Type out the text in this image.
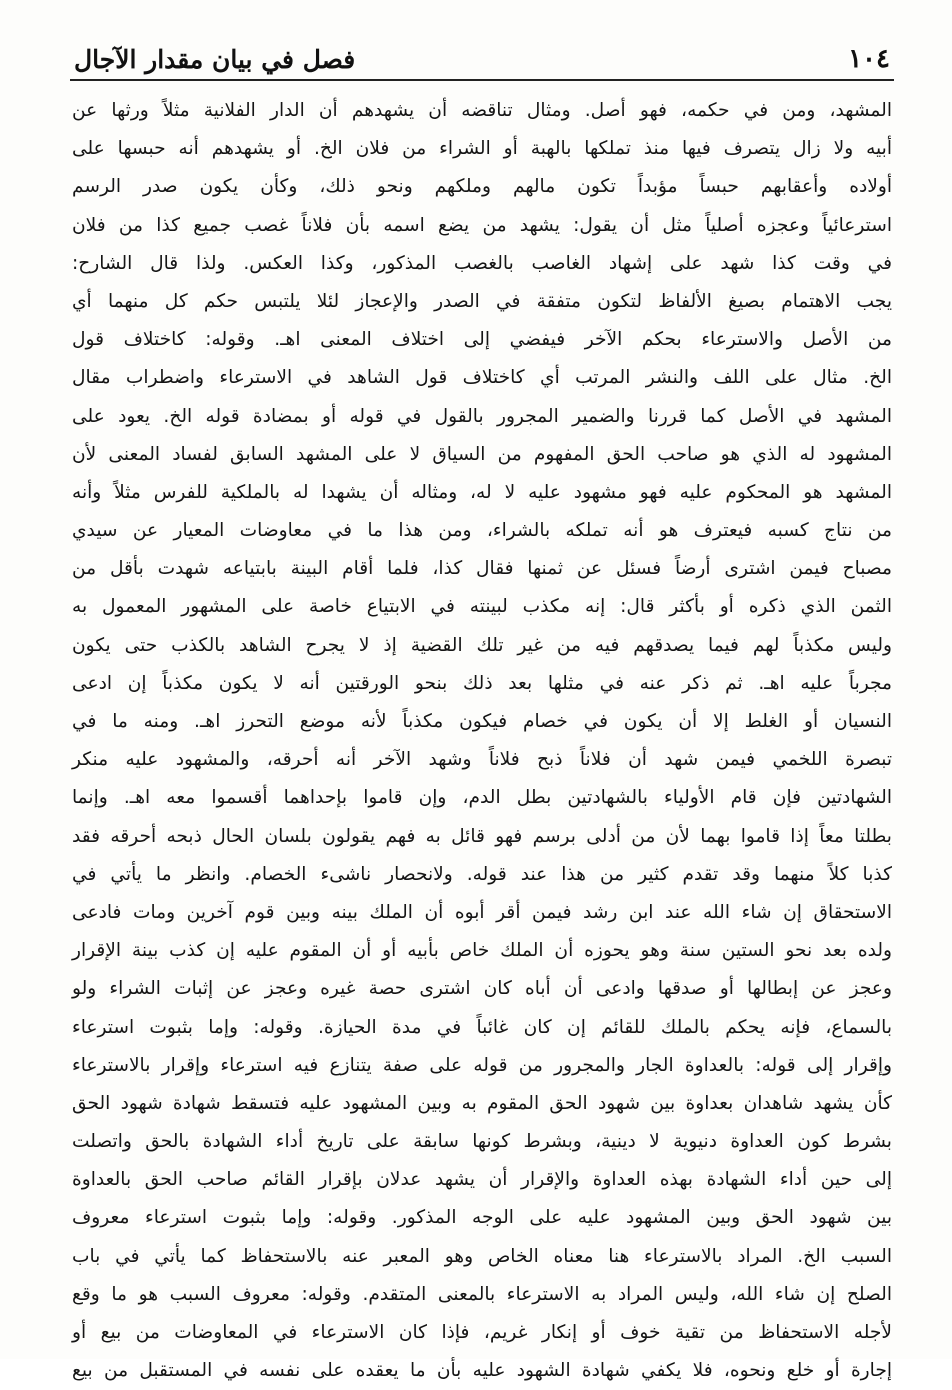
١٠٤
فصل في بيان مقدار الآجال
المشهد، ومن في حكمه، فهو أصل. ومثال تناقضه أن يشهدهم أن الدار الفلانية مثلاً ورثها عن
أبيه ولا زال يتصرف فيها منذ تملكها بالهبة أو الشراء من فلان الخ. أو يشهدهم أنه حبسها على
أولاده وأعقابهم حبساً مؤبداً تكون مالهم وملكهم ونحو ذلك، وكأن يكون صدر الرسم
استرعائياً وعجزه أصلياً مثل أن يقول: يشهد من يضع اسمه بأن فلاناً غصب جميع كذا من فلان
في وقت كذا شهد على إشهاد الغاصب بالغصب المذكور، وكذا العكس. ولذا قال الشارح:
يجب الاهتمام بصيغ الألفاظ لتكون متفقة في الصدر والإعجاز لئلا يلتبس حكم كل منهما أي
من الأصل والاسترعاء بحكم الآخر فيفضي إلى اختلاف المعنى اهـ. وقوله: كاختلاف قول
الخ. مثال على اللف والنشر المرتب أي كاختلاف قول الشاهد في الاسترعاء واضطراب مقال
المشهد في الأصل كما قررنا والضمير المجرور بالقول في قوله أو بمضادة قوله الخ. يعود على
المشهود له الذي هو صاحب الحق المفهوم من السياق لا على المشهد السابق لفساد المعنى لأن
المشهد هو المحكوم عليه فهو مشهود عليه لا له، ومثاله أن يشهدا له بالملكية للفرس مثلاً وأنه
من نتاج كسبه فيعترف هو أنه تملكه بالشراء، ومن هذا ما في معاوضات المعيار عن سيدي
مصباح فيمن اشترى أرضاً فسئل عن ثمنها فقال كذا، فلما أقام البينة بابتياعه شهدت بأقل من
الثمن الذي ذكره أو بأكثر قال: إنه مكذب لبينته في الابتياع خاصة على المشهور المعمول به
وليس مكذباً لهم فيما يصدقهم فيه من غير تلك القضية إذ لا يجرح الشاهد بالكذب حتى يكون
مجرباً عليه اهـ. ثم ذكر عنه في مثلها بعد ذلك بنحو الورقتين أنه لا يكون مكذباً إن ادعى
النسيان أو الغلط إلا أن يكون في خصام فيكون مكذباً لأنه موضع التحرز اهـ. ومنه ما في
تبصرة اللخمي فيمن شهد أن فلاناً ذبح فلاناً وشهد الآخر أنه أحرقه، والمشهود عليه منكر
الشهادتين فإن قام الأولياء بالشهادتين بطل الدم، وإن قاموا بإحداهما أقسموا معه اهـ. وإنما
بطلتا معاً إذا قاموا بهما لأن من أدلى برسم فهو قائل به فهم يقولون بلسان الحال ذبحه أحرقه فقد
كذبا كلاً منهما وقد تقدم كثير من هذا عند قوله. ولانحصار ناشىء الخصام. وانظر ما يأتي في
الاستحقاق إن شاء الله عند ابن رشد فيمن أقر أبوه أن الملك بينه وبين قوم آخرين ومات فادعى
ولده بعد نحو الستين سنة وهو يحوزه أن الملك خاص بأبيه أو أن المقوم عليه إن كذب بينة الإقرار
وعجز عن إبطالها أو صدقها وادعى أن أباه كان اشترى حصة غيره وعجز عن إثبات الشراء ولو
بالسماع، فإنه يحكم بالملك للقائم إن كان غائباً في مدة الحيازة. وقوله: وإما بثبوت استرعاء
وإقرار إلى قوله: بالعداوة الجار والمجرور من قوله على صفة يتنازع فيه استرعاء وإقرار بالاسترعاء
كأن يشهد شاهدان بعداوة بين شهود الحق المقوم به وبين المشهود عليه فتسقط شهادة شهود الحق
بشرط كون العداوة دنيوية لا دينية، وبشرط كونها سابقة على تاريخ أداء الشهادة بالحق واتصلت
إلى حين أداء الشهادة بهذه العداوة والإقرار أن يشهد عدلان بإقرار القائم صاحب الحق بالعداوة
بين شهود الحق وبين المشهود عليه على الوجه المذكور. وقوله: وإما بثبوت استرعاء معروف
السبب الخ. المراد بالاسترعاء هنا معناه الخاص وهو المعبر عنه بالاستحفاظ كما يأتي في باب
الصلح إن شاء الله، وليس المراد به الاسترعاء بالمعنى المتقدم. وقوله: معروف السبب هو ما وقع
لأجله الاستحفاظ من تقية خوف أو إنكار غريم، فإذا كان الاسترعاء في المعاوضات من بيع أو
إجارة أو خلع ونحوه، فلا يكفي شهادة الشهود عليه بأن ما يعقده على نفسه في المستقبل من بيع
